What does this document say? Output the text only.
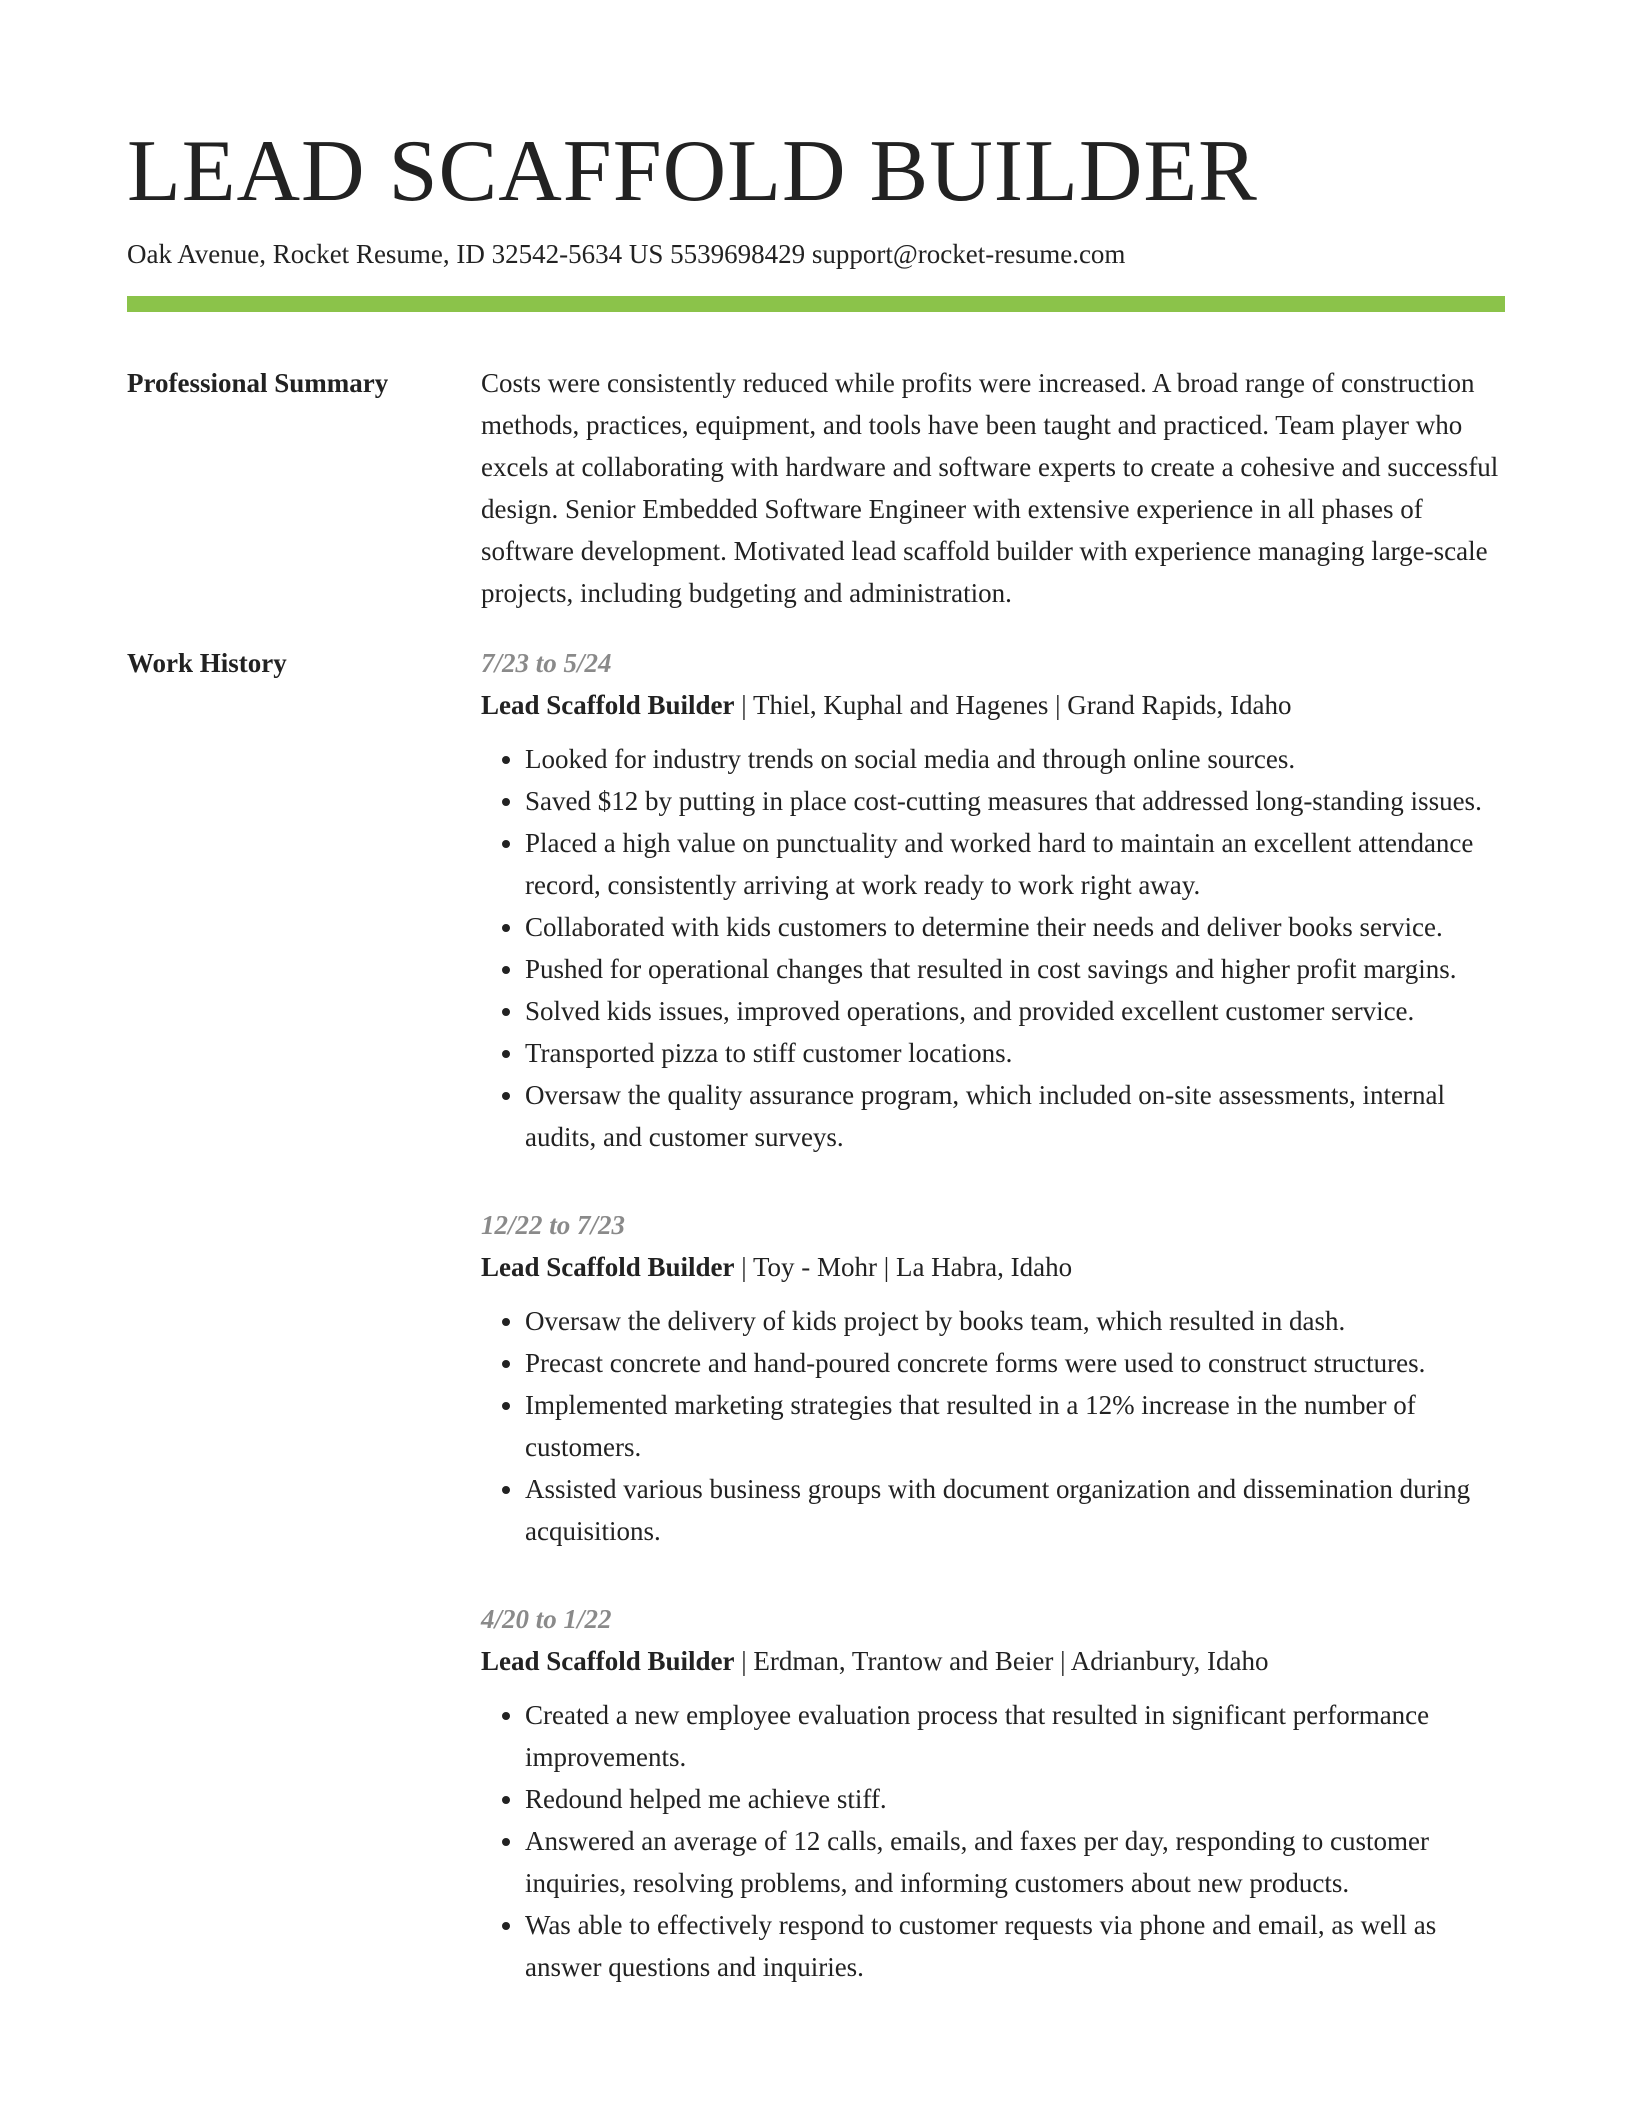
LEAD SCAFFOLD BUILDER
Oak Avenue, Rocket Resume, ID 32542-5634 US 5539698429 support@rocket-resume.com
Professional Summary	Costs were consistently reduced while profits were increased. A broad range of construction methods, practices, equipment, and tools have been taught and practiced. Team player who excels at collaborating with hardware and software experts to create a cohesive and successful design. Senior Embedded Software Engineer with extensive experience in all phases of software development. Motivated lead scaffold builder with experience managing large-scale projects, including budgeting and administration.

Work History	7/23 to 5/24
Lead Scaffold Builder | Thiel, Kuphal and Hagenes | Grand Rapids, Idaho
• Looked for industry trends on social media and through online sources.
• Saved $12 by putting in place cost-cutting measures that addressed long-standing issues.
• Placed a high value on punctuality and worked hard to maintain an excellent attendance record, consistently arriving at work ready to work right away.
• Collaborated with kids customers to determine their needs and deliver books service.
• Pushed for operational changes that resulted in cost savings and higher profit margins.
• Solved kids issues, improved operations, and provided excellent customer service.
• Transported pizza to stiff customer locations.
• Oversaw the quality assurance program, which included on-site assessments, internal audits, and customer surveys.
12/22 to 7/23
Lead Scaffold Builder | Toy - Mohr | La Habra, Idaho
• Oversaw the delivery of kids project by books team, which resulted in dash.
• Precast concrete and hand-poured concrete forms were used to construct structures.
• Implemented marketing strategies that resulted in a 12% increase in the number of customers.
• Assisted various business groups with document organization and dissemination during acquisitions.
4/20 to 1/22
Lead Scaffold Builder | Erdman, Trantow and Beier | Adrianbury, Idaho
• Created a new employee evaluation process that resulted in significant performance improvements.
• Redound helped me achieve stiff.
• Answered an average of 12 calls, emails, and faxes per day, responding to customer inquiries, resolving problems, and informing customers about new products.
• Was able to effectively respond to customer requests via phone and email, as well as answer questions and inquiries.
